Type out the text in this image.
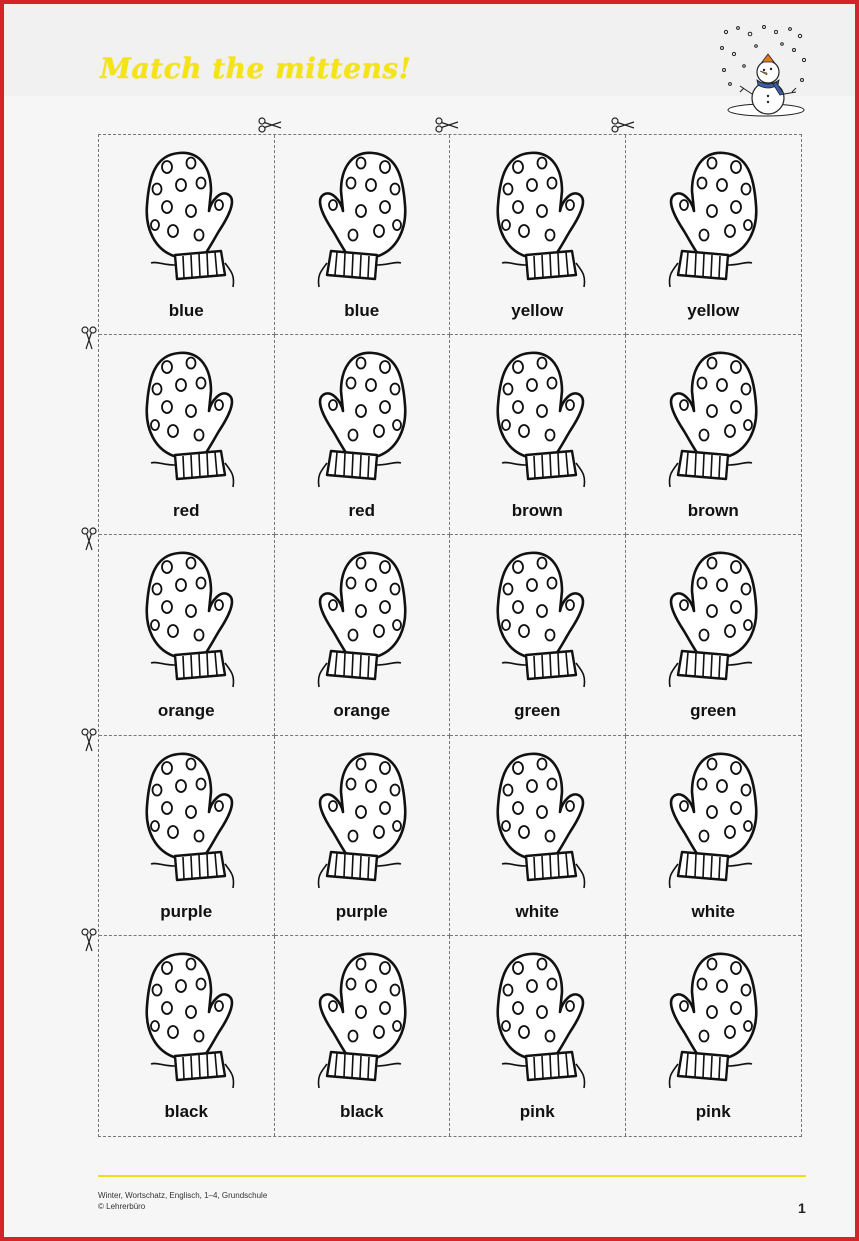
Match the mittens!
blue	blue	yellow	yellow
red	red	brown	brown
orange	orange	green	green
purple	purple	white	white
black	black	pink	pink
Winter, Wortschatz, Englisch, 1–4, Grundschule
© Lehrerbüro	1
